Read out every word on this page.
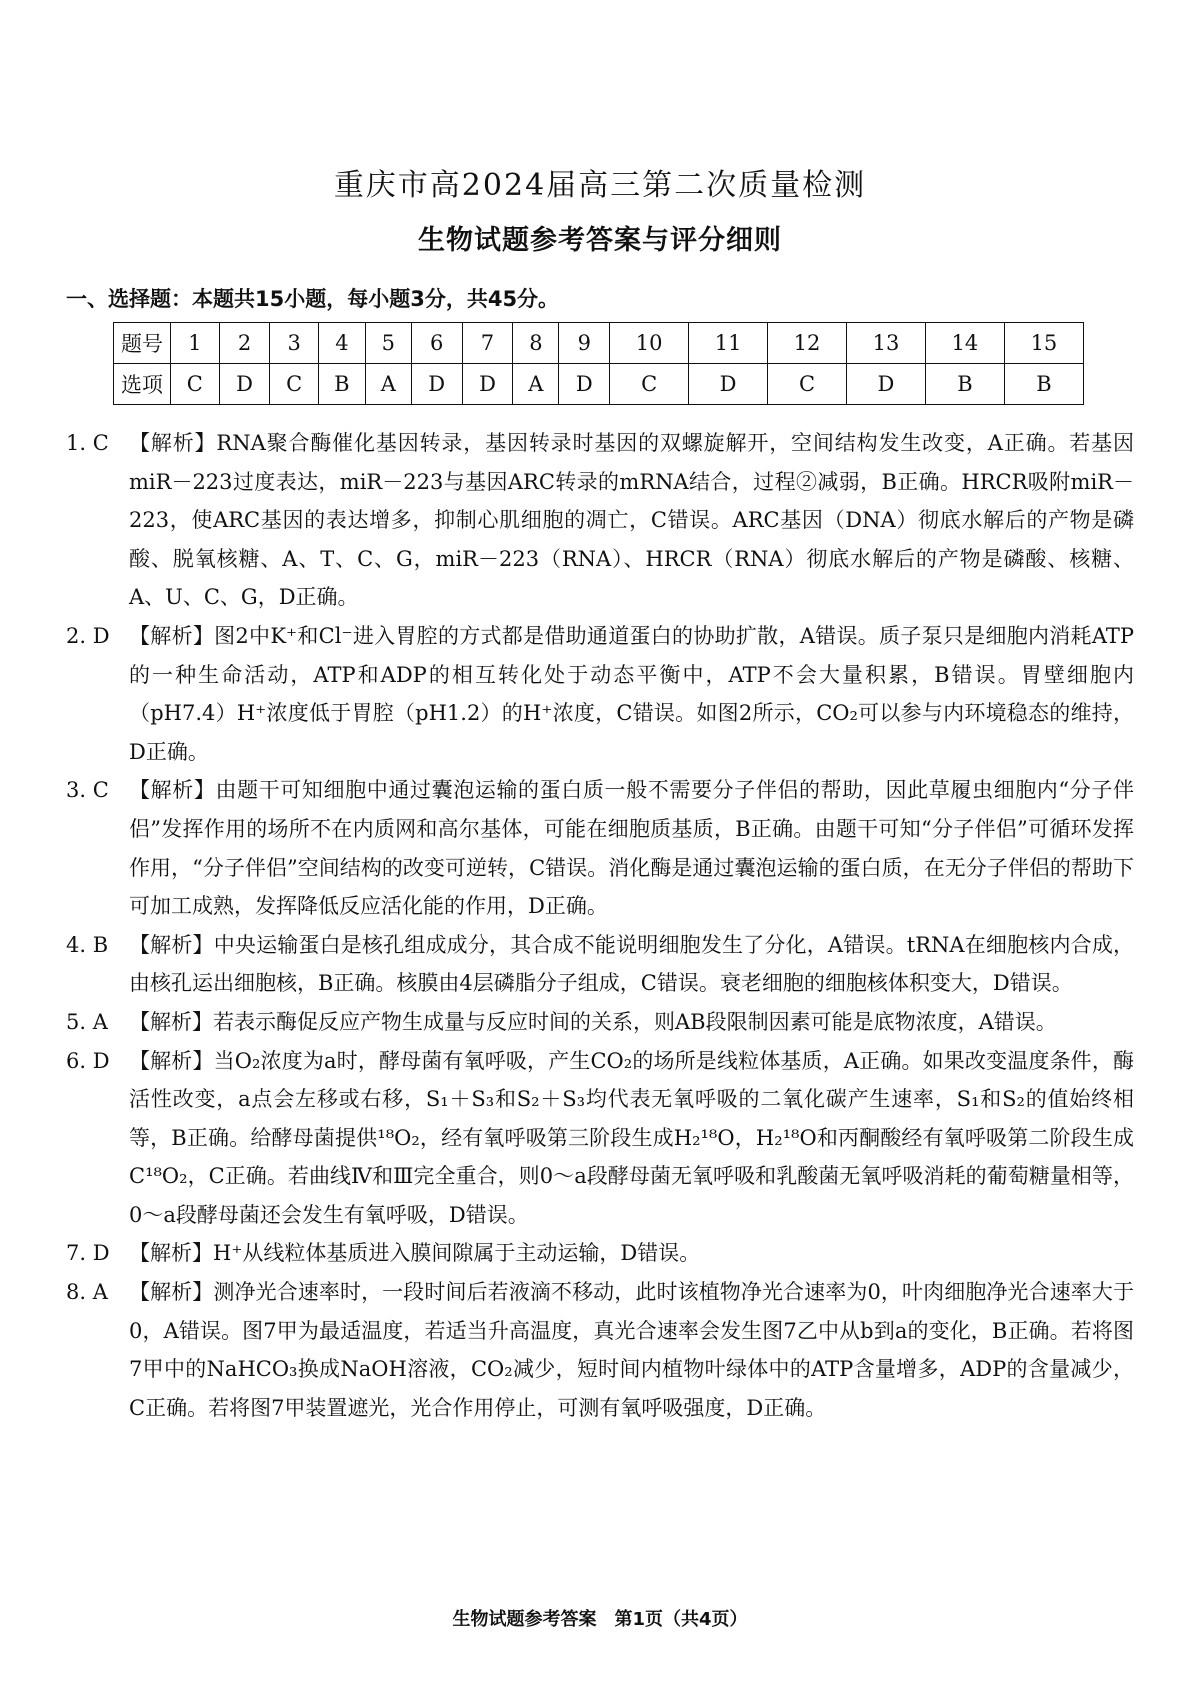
重庆市高2024届高三第二次质量检测
生物试题参考答案与评分细则
一、选择题：本题共15小题，每小题3分，共45分。
题号	1	2	3	4	5	6	7	8	9	10	11	12	13	14	15
选项	C	D	C	B	A	D	D	A	D	C	D	C	D	B	B
1. C 【解析】RNA聚合酶催化基因转录，基因转录时基因的双螺旋解开，空间结构发生改变，A正确。若基因miR－223过度表达，miR－223与基因ARC转录的mRNA结合，过程②减弱，B正确。HRCR吸附miR－223，使ARC基因的表达增多，抑制心肌细胞的凋亡，C错误。ARC基因（DNA）彻底水解后的产物是磷酸、脱氧核糖、A、T、C、G，miR－223（RNA）、HRCR（RNA）彻底水解后的产物是磷酸、核糖、A、U、C、G，D正确。
2. D 【解析】图2中K⁺和Cl⁻进入胃腔的方式都是借助通道蛋白的协助扩散，A错误。质子泵只是细胞内消耗ATP的一种生命活动，ATP和ADP的相互转化处于动态平衡中，ATP不会大量积累，B错误。胃壁细胞内（pH7.4）H⁺浓度低于胃腔（pH1.2）的H⁺浓度，C错误。如图2所示，CO₂可以参与内环境稳态的维持，D正确。
3. C 【解析】由题干可知细胞中通过囊泡运输的蛋白质一般不需要分子伴侣的帮助，因此草履虫细胞内“分子伴侣”发挥作用的场所不在内质网和高尔基体，可能在细胞质基质，B正确。由题干可知“分子伴侣”可循环发挥作用，“分子伴侣”空间结构的改变可逆转，C错误。消化酶是通过囊泡运输的蛋白质，在无分子伴侣的帮助下可加工成熟，发挥降低反应活化能的作用，D正确。
4. B 【解析】中央运输蛋白是核孔组成成分，其合成不能说明细胞发生了分化，A错误。tRNA在细胞核内合成，由核孔运出细胞核，B正确。核膜由4层磷脂分子组成，C错误。衰老细胞的细胞核体积变大，D错误。
5. A	【解析】若表示酶促反应产物生成量与反应时间的关系，则AB段限制因素可能是底物浓度，A错误。
6. D 【解析】当O₂浓度为a时，酵母菌有氧呼吸，产生CO₂的场所是线粒体基质，A正确。如果改变温度条件，酶活性改变，a点会左移或右移，S₁＋S₃和S₂＋S₃均代表无氧呼吸的二氧化碳产生速率，S₁和S₂的值始终相等，B正确。给酵母菌提供¹⁸O₂，经有氧呼吸第三阶段生成H₂¹⁸O，H₂¹⁸O和丙酮酸经有氧呼吸第二阶段生成C¹⁸O₂，C正确。若曲线Ⅳ和Ⅲ完全重合，则0～a段酵母菌无氧呼吸和乳酸菌无氧呼吸消耗的葡萄糖量相等，0～a段酵母菌还会发生有氧呼吸，D错误。
7. D 【解析】H⁺从线粒体基质进入膜间隙属于主动运输，D错误。
8. A	【解析】测净光合速率时，一段时间后若液滴不移动，此时该植物净光合速率为0，叶肉细胞净光合速率大于0，A错误。图7甲为最适温度，若适当升高温度，真光合速率会发生图7乙中从b到a的变化，B正确。若将图7甲中的NaHCO₃换成NaOH溶液，CO₂减少，短时间内植物叶绿体中的ATP含量增多，ADP的含量减少，C正确。若将图7甲装置遮光，光合作用停止，可测有氧呼吸强度，D正确。
生物试题参考答案　第1页（共4页）
